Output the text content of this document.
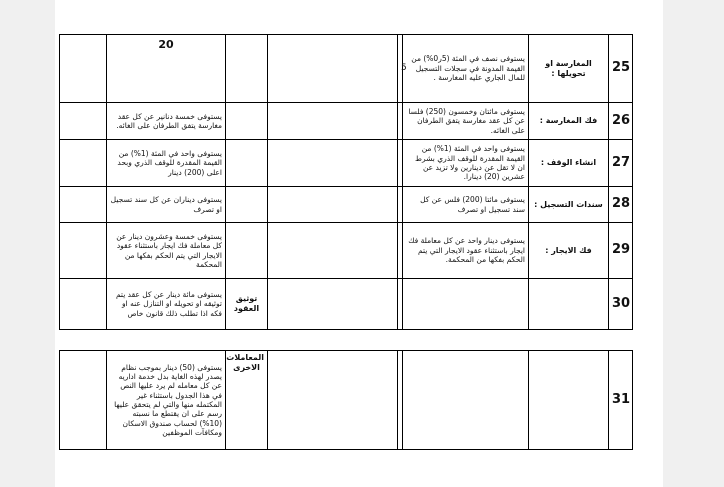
	20			5	يستوفى نصف في المئة (5ر0%) من القيمة المدونة في سجلات التسجيل للمال الجاري عليه المغارسة .	المغارسة او تحويلها :	25
	يستوفى خمسة دنانير عن كل عقد مغارسة يتفق الطرفان على الغائه.				يستوفى مائتان وخمسون (250) فلسا عن كل عقد مغارسة يتفق الطرفان على الغائه.	فك المغارسة :	26
	يستوفى واحد في المئة (1%) من القيمة المقدرة للوقف الذري وبحد اعلى (200) دينار				يستوفى واحد في المئة (1%) من القيمة المقدرة للوقف الذري بشرط ان لا تقل عن دينارين ولا تزيد عن عشرين (20) دينارا.	انشاء الوقف :	27
	يستوفى ديناران عن كل سند تسجيل او تصرف				يستوفى مائتا (200) فلس عن كل سند تسجيل او تصرف	سندات التسجيل :	28
	يستوفى خمسة وعشرون دينار عن كل معاملة فك ايجار باستثناء عقود الايجار التي يتم الحكم بفكها من المحكمة				يستوفى دينار واحد عن كل معاملة فك ايجار باستثناء عقود الايجار التي يتم الحكم بفكها من المحكمة.	فك الايجار :	29
	يستوفى مائة دينار عن كل عقد يتم توثيقه او تحويله او التنازل عنه او فكه اذا تطلب ذلك قانون خاص	توثيق العقود					30
	يستوفى (50) دينار بموجب نظام يصدر لهذه الغاية بدل خدمة اداريه عن كل معامله لم يرد عليها النص في هذا الجدول باستثناء غير المكتمله منها والتي لم يتحقق عليها رسم على ان يقتطع ما نسبته (10%) لحساب صندوق الاسكان ومكافآت الموظفين	المعاملات الاخرى					31
